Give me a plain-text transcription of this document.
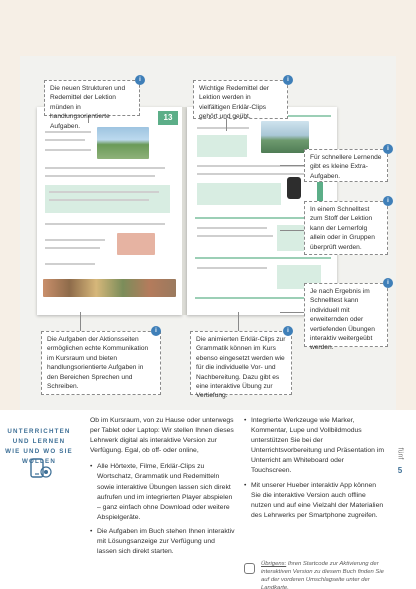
13
Die neuen Strukturen und Redemittel der Lektion münden in handlungsorientierte Aufgaben.
i
Wichtige Redemittel der Lektion werden in vielfältigen Erklär-Clips gehört und geübt.
i
Für schnellere Lernende gibt es kleine Extra-Aufgaben.
i
In einem Schnelltest zum Stoff der Lektion kann der Lernerfolg allein oder in Gruppen überprüft werden.
i
Je nach Ergebnis im Schnelltest kann individuell mit erweiternden oder vertiefenden Übungen interaktiv weitergeübt werden.
i
Die Aufgaben der Aktionsseiten ermöglichen echte Kommunikation im Kursraum und bieten handlungsorientierte Aufgaben in den Bereichen Sprechen und Schreiben.
i
Die animierten Erklär-Clips zur Grammatik können im Kurs ebenso eingesetzt werden wie für die individuelle Vor- und Nachbereitung. Dazu gibt es eine interaktive Übung zur Vertiefung.
i
UNTERRICHTEN UND LERNEN WIE UND WO SIE WOLLEN

Ob im Kursraum, von zu Hause oder unterwegs per Tablet oder Laptop: Wir stellen Ihnen dieses Lehrwerk digital als interaktive Version zur Verfügung. Egal, ob off- oder online,

• Alle Hörtexte, Filme, Erklär-Clips zu Wortschatz, Grammatik und Redemitteln sowie interaktive Übungen lassen sich direkt aufrufen und im integrierten Player abspielen – ganz einfach ohne Download oder weitere Abspielgeräte.
• Die Aufgaben im Buch stehen Ihnen interaktiv mit Lösungsanzeige zur Verfügung und lassen sich direkt starten.
• Integrierte Werkzeuge wie Marker, Kommentar, Lupe und Vollbildmodus unterstützen Sie bei der Unterrichtsvorbereitung und Präsentation im Unterricht am Whiteboard oder Touchscreen.
• Mit unserer Hueber interaktiv App können Sie die interaktive Version auch offline nutzen und auf eine Vielzahl der Materialien des Lehrwerks per Smartphone zugreifen.
Übrigens: Ihren Startcode zur Aktivierung der interaktiven Version zu diesem Buch finden Sie auf der vorderen Umschlagseite unter der Landkarte.
fünf
5
